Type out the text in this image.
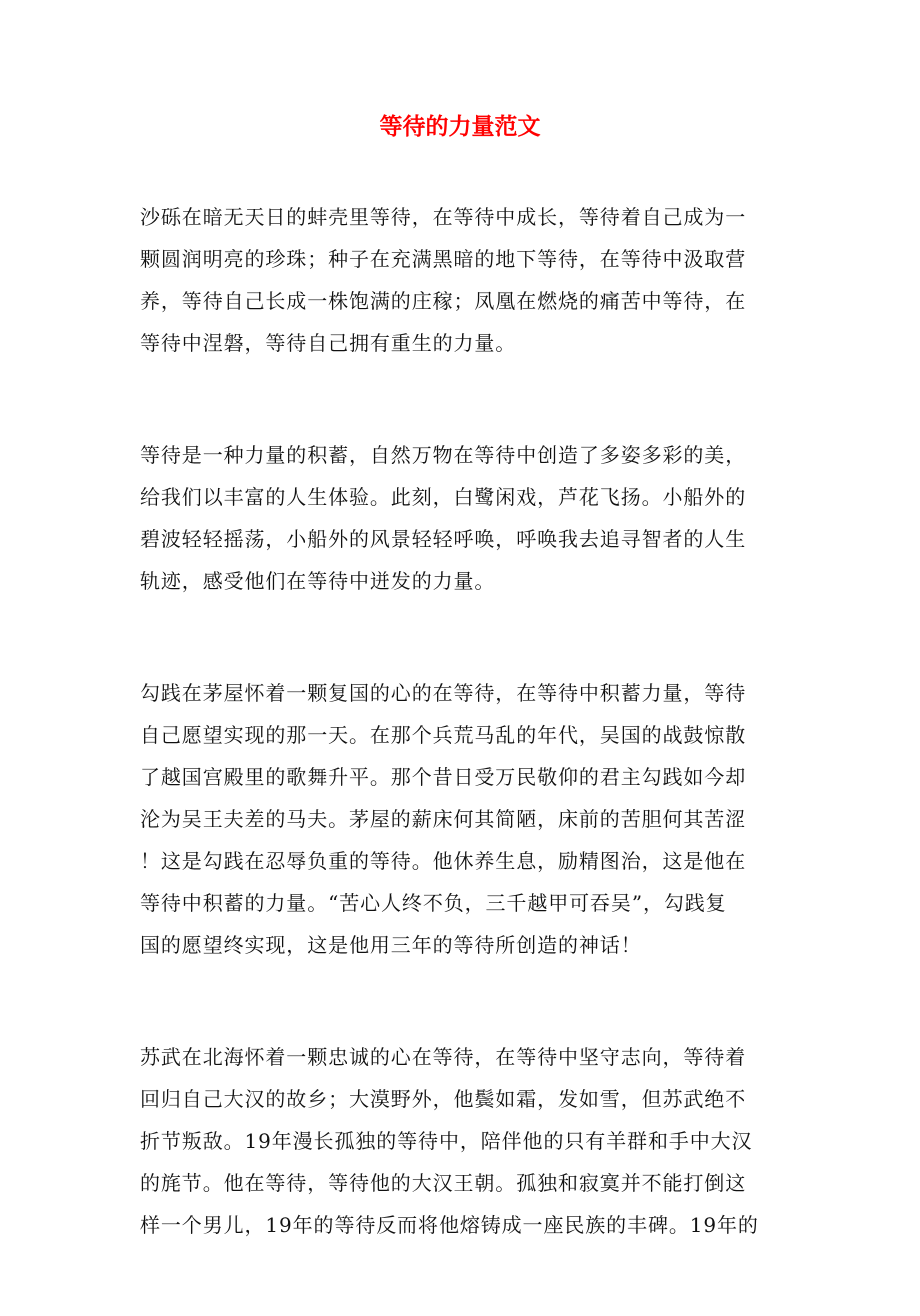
等待的力量范文
沙砾在暗无天日的蚌壳里等待，在等待中成长，等待着自己成为一
颗圆润明亮的珍珠；种子在充满黑暗的地下等待，在等待中汲取营
养，等待自己长成一株饱满的庄稼；凤凰在燃烧的痛苦中等待，在
等待中涅磐，等待自己拥有重生的力量。
等待是一种力量的积蓄，自然万物在等待中创造了多姿多彩的美，
给我们以丰富的人生体验。此刻，白鹭闲戏，芦花飞扬。小船外的
碧波轻轻摇荡，小船外的风景轻轻呼唤，呼唤我去追寻智者的人生
轨迹，感受他们在等待中迸发的力量。
勾践在茅屋怀着一颗复国的心的在等待，在等待中积蓄力量，等待
自己愿望实现的那一天。在那个兵荒马乱的年代，吴国的战鼓惊散
了越国宫殿里的歌舞升平。那个昔日受万民敬仰的君主勾践如今却
沦为吴王夫差的马夫。茅屋的薪床何其简陋，床前的苦胆何其苦涩
！这是勾践在忍辱负重的等待。他休养生息，励精图治，这是他在
等待中积蓄的力量。“苦心人终不负，三千越甲可吞吴”，勾践复
国的愿望终实现，这是他用三年的等待所创造的神话！
苏武在北海怀着一颗忠诚的心在等待，在等待中坚守志向，等待着
回归自己大汉的故乡；大漠野外，他鬓如霜，发如雪，但苏武绝不
折节叛敌。19年漫长孤独的等待中，陪伴他的只有羊群和手中大汉
的旄节。他在等待，等待他的大汉王朝。孤独和寂寞并不能打倒这
样一个男儿，19年的等待反而将他熔铸成一座民族的丰碑。19年的
